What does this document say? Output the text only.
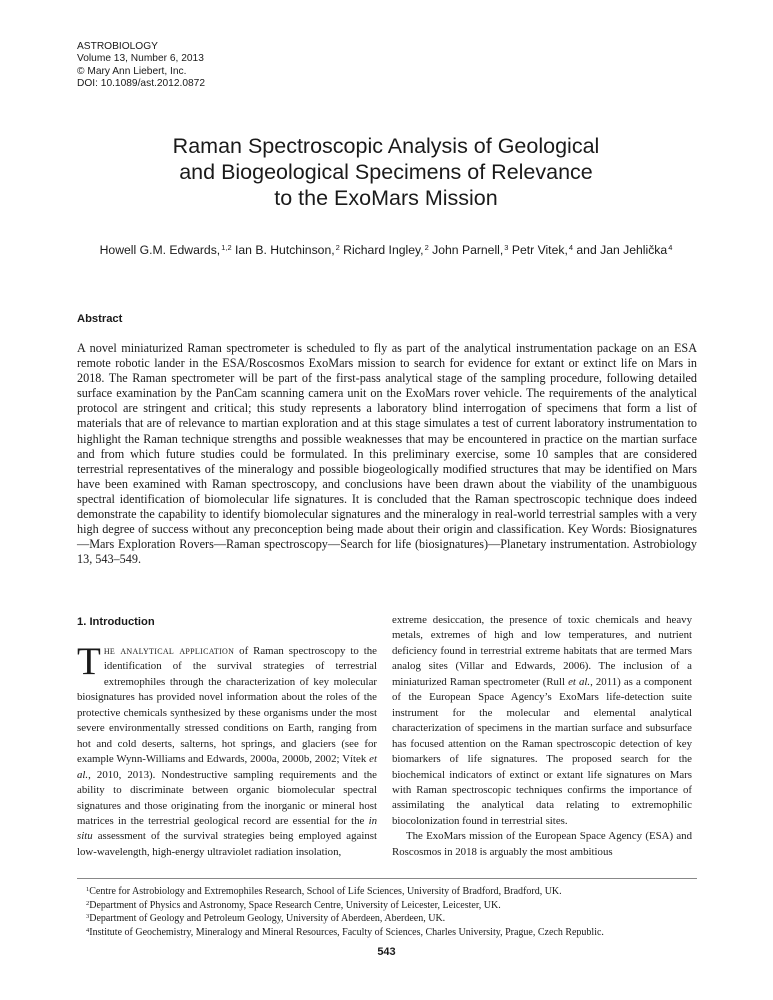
ASTROBIOLOGY
Volume 13, Number 6, 2013
© Mary Ann Liebert, Inc.
DOI: 10.1089/ast.2012.0872
Raman Spectroscopic Analysis of Geological
and Biogeological Specimens of Relevance
to the ExoMars Mission
Howell G.M. Edwards,$^{1,2}$ Ian B. Hutchinson,$^2$ Richard Ingley,$^2$ John Parnell,$^3$ Petr Vitek,$^4$ and Jan Jehlička$^4$
Abstract

A novel miniaturized Raman spectrometer is scheduled to fly as part of the analytical instrumentation package on an ESA remote robotic lander in the ESA/Roscosmos ExoMars mission to search for evidence for extant or extinct life on Mars in 2018. The Raman spectrometer will be part of the first-pass analytical stage of the sampling procedure, following detailed surface examination by the PanCam scanning camera unit on the ExoMars rover vehicle. The requirements of the analytical protocol are stringent and critical; this study represents a laboratory blind interrogation of specimens that form a list of materials that are of relevance to martian exploration and at this stage simulates a test of current laboratory instrumentation to highlight the Raman technique strengths and possible weaknesses that may be encountered in practice on the martian surface and from which future studies could be formulated. In this preliminary exercise, some 10 samples that are considered terrestrial representatives of the mineralogy and possible biogeologically modified structures that may be identified on Mars have been examined with Raman spectroscopy, and conclusions have been drawn about the viability of the unambiguous spectral identification of biomolecular life signatures. It is concluded that the Raman spectroscopic technique does indeed demonstrate the capability to identify biomolecular signatures and the mineralogy in real-world terrestrial samples with a very high degree of success without any preconception being made about their origin and classification. Key Words: Biosignatures—Mars Exploration Rovers—Raman spectroscopy—Search for life (biosignatures)—Planetary instrumentation. Astrobiology 13, 543–549.

1. Introduction

The analytical application of Raman spectroscopy to the identification of the survival strategies of terrestrial extremophiles through the characterization of key molecular biosignatures has provided novel information about the roles of the protective chemicals synthesized by these organisms under the most severe environmentally stressed conditions on Earth, ranging from hot and cold deserts, salterns, hot springs, and glaciers (see for example Wynn-Williams and Edwards, 2000a, 2000b, 2002; Vítek et al., 2010, 2013). Nondestructive sampling requirements and the ability to discriminate between organic biomolecular spectral signatures and those originating from the inorganic or mineral host matrices in the terrestrial geological record are essential for the in situ assessment of the survival strategies being employed against low-wavelength, high-energy ultraviolet radiation insolation,

extreme desiccation, the presence of toxic chemicals and heavy metals, extremes of high and low temperatures, and nutrient deficiency found in terrestrial extreme habitats that are termed Mars analog sites (Villar and Edwards, 2006). The inclusion of a miniaturized Raman spectrometer (Rull et al., 2011) as a component of the European Space Agency’s ExoMars life-detection suite instrument for the molecular and elemental analytical characterization of specimens in the martian surface and subsurface has focused attention on the Raman spectroscopic detection of key biomarkers of life signatures. The proposed search for the biochemical indicators of extinct or extant life signatures on Mars with Raman spectroscopic techniques confirms the importance of assimilating the analytical data relating to extremophilic biocolonization found in terrestrial sites.

The ExoMars mission of the European Space Agency (ESA) and Roscosmos in 2018 is arguably the most ambitious

$^1$Centre for Astrobiology and Extremophiles Research, School of Life Sciences, University of Bradford, Bradford, UK.
$^2$Department of Physics and Astronomy, Space Research Centre, University of Leicester, Leicester, UK.
$^3$Department of Geology and Petroleum Geology, University of Aberdeen, Aberdeen, UK.
$^4$Institute of Geochemistry, Mineralogy and Mineral Resources, Faculty of Sciences, Charles University, Prague, Czech Republic.
543
